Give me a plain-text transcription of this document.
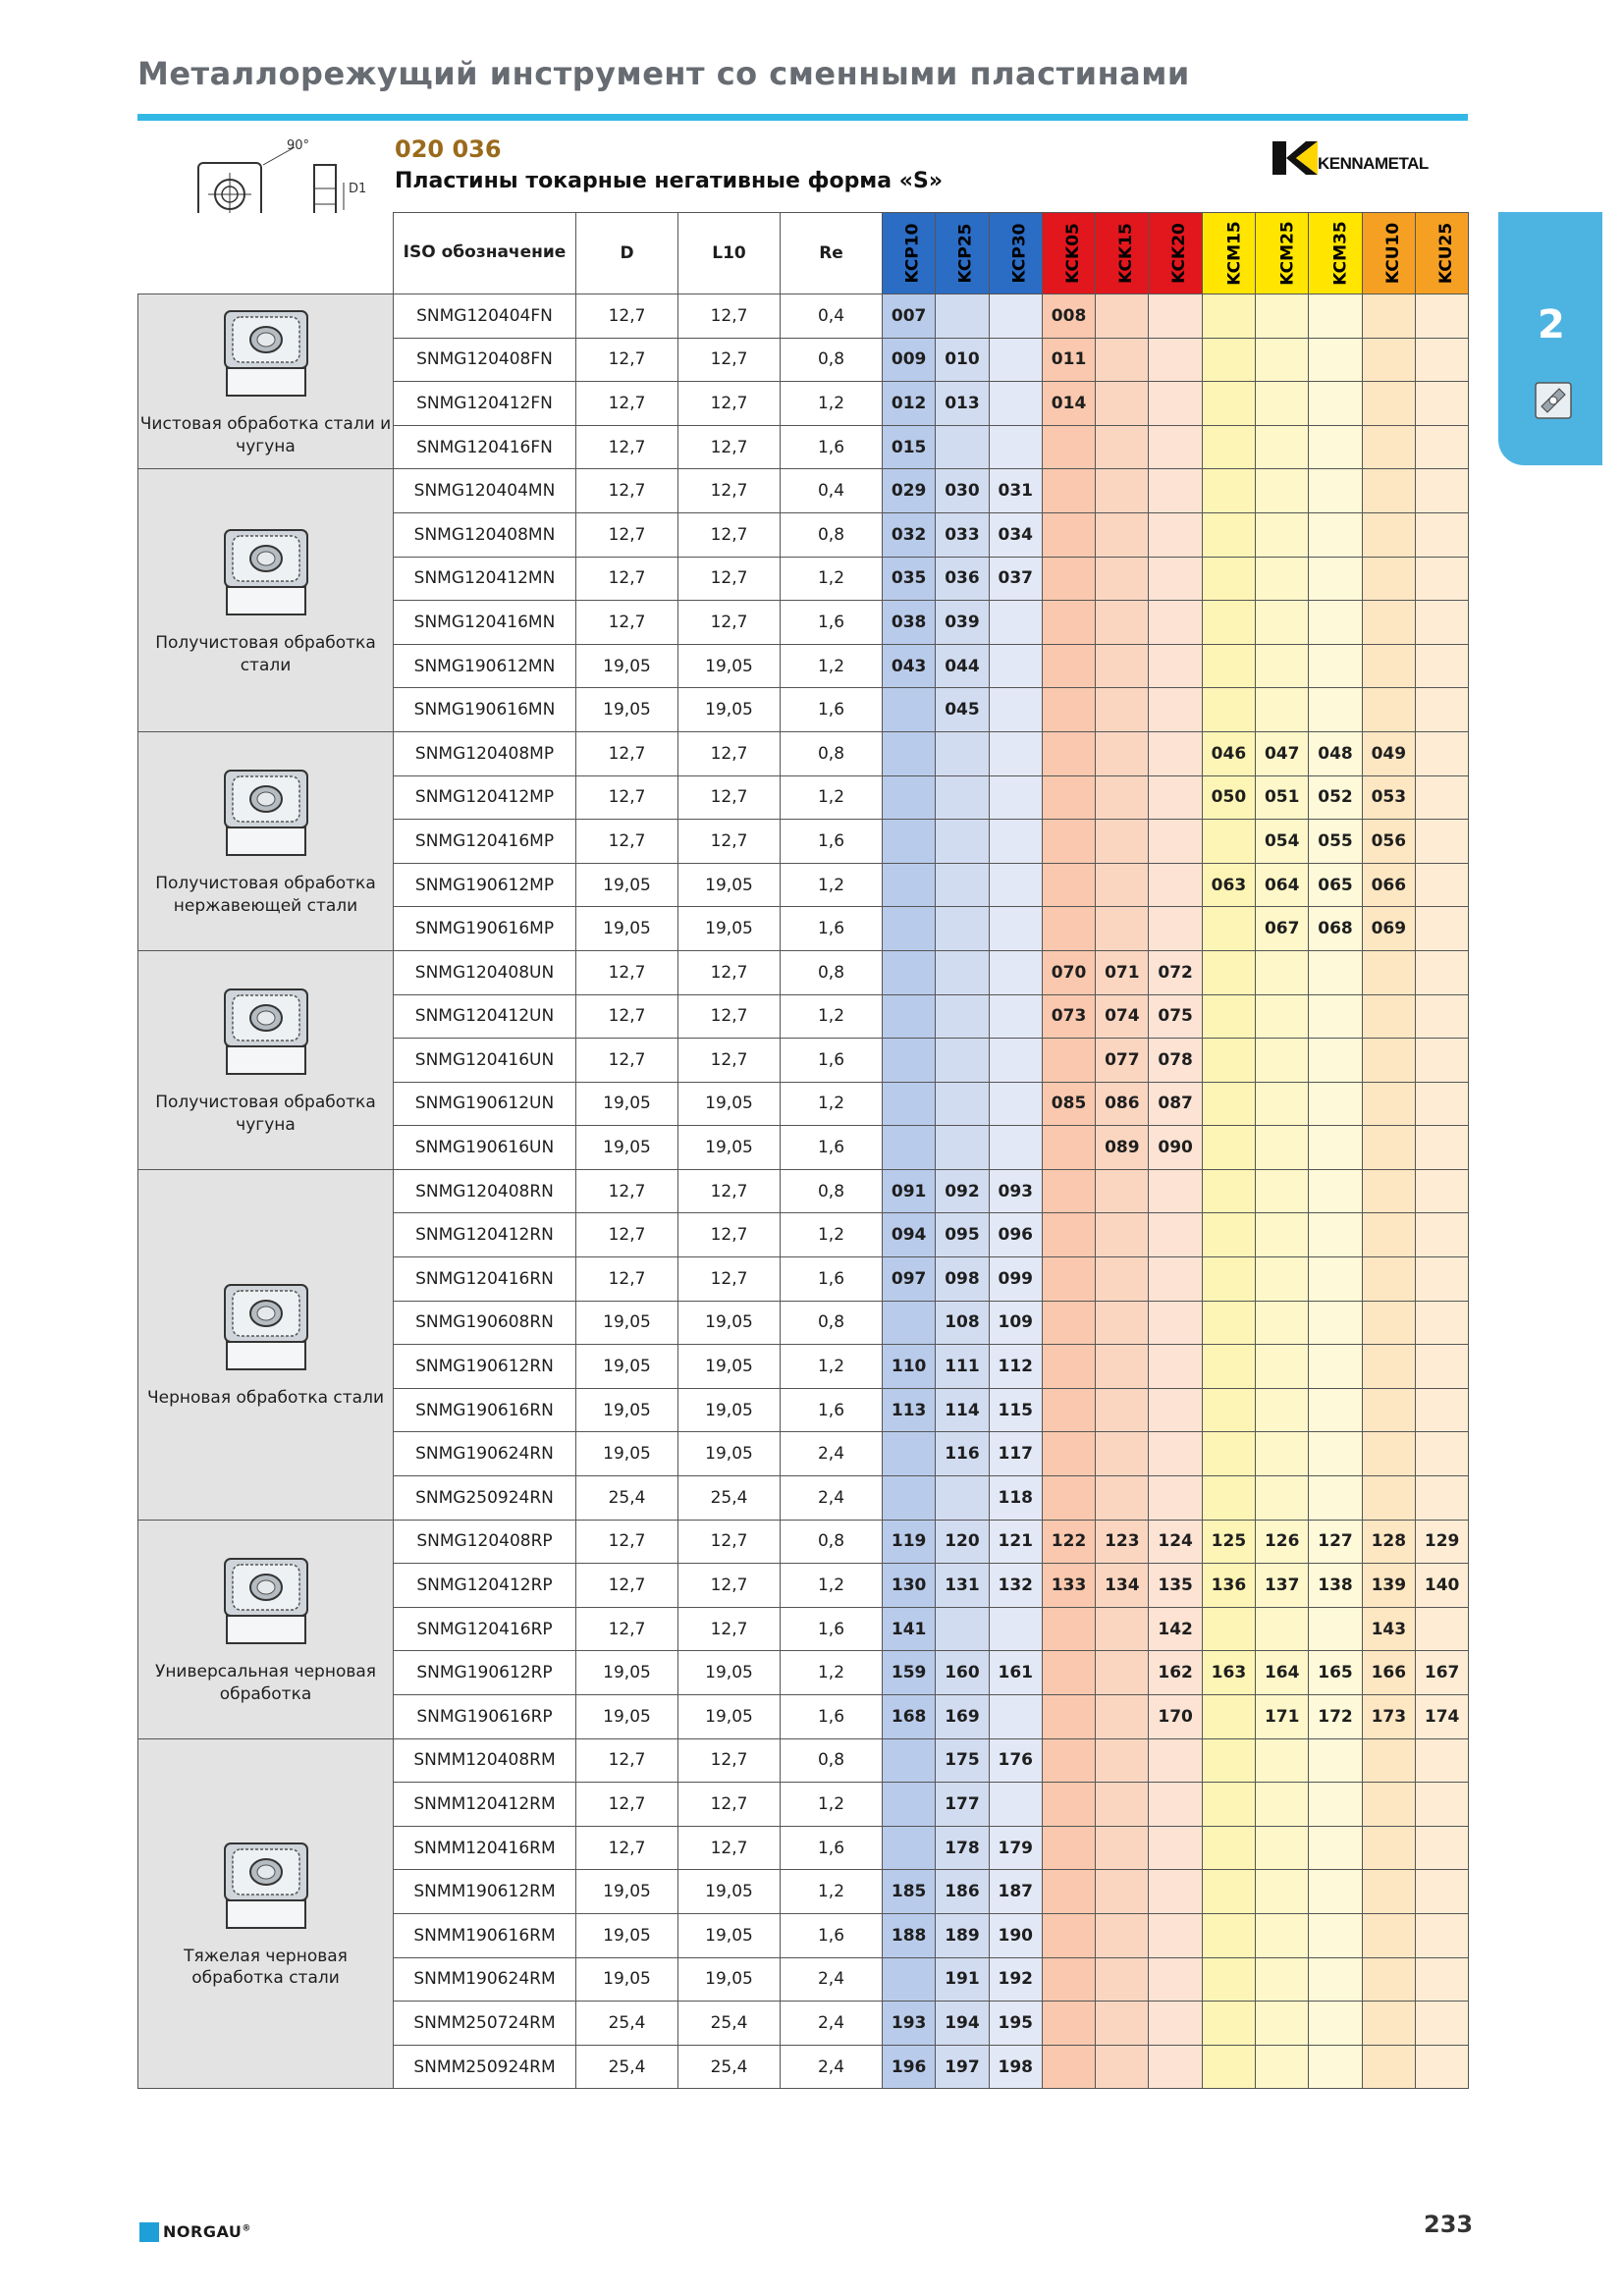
Металлорежущий инструмент со сменными пластинами
90°
D1
020 036
Пластины токарные негативные форма «S»
KENNAMETAL
2
	ISO обозначение	D	L10	Re	KCP10	KCP25	KCP30	KCK05	KCK15	KCK20	KCM15	KCM25	KCM35	KCU10	KCU25

Чистовая обработка стали и чугуна	SNMG120404FN	12,7	12,7	0,4	007			008							
	SNMG120408FN	12,7	12,7	0,8	009	010		011							
	SNMG120412FN	12,7	12,7	1,2	012	013		014							
	SNMG120416FN	12,7	12,7	1,6	015										

Получистовая обработка стали	SNMG120404MN	12,7	12,7	0,4	029	030	031								
	SNMG120408MN	12,7	12,7	0,8	032	033	034								
	SNMG120412MN	12,7	12,7	1,2	035	036	037								
	SNMG120416MN	12,7	12,7	1,6	038	039									
	SNMG190612MN	19,05	19,05	1,2	043	044									
	SNMG190616MN	19,05	19,05	1,6		045									

Получистовая обработка нержавеющей стали	SNMG120408MP	12,7	12,7	0,8							046	047	048	049	
	SNMG120412MP	12,7	12,7	1,2							050	051	052	053	
	SNMG120416MP	12,7	12,7	1,6								054	055	056	
	SNMG190612MP	19,05	19,05	1,2							063	064	065	066	
	SNMG190616MP	19,05	19,05	1,6								067	068	069	

Получистовая обработка чугуна	SNMG120408UN	12,7	12,7	0,8				070	071	072					
	SNMG120412UN	12,7	12,7	1,2				073	074	075					
	SNMG120416UN	12,7	12,7	1,6					077	078					
	SNMG190612UN	19,05	19,05	1,2				085	086	087					
	SNMG190616UN	19,05	19,05	1,6					089	090					

Черновая обработка стали	SNMG120408RN	12,7	12,7	0,8	091	092	093								
	SNMG120412RN	12,7	12,7	1,2	094	095	096								
	SNMG120416RN	12,7	12,7	1,6	097	098	099								
	SNMG190608RN	19,05	19,05	0,8		108	109								
	SNMG190612RN	19,05	19,05	1,2	110	111	112								
	SNMG190616RN	19,05	19,05	1,6	113	114	115								
	SNMG190624RN	19,05	19,05	2,4		116	117								
	SNMG250924RN	25,4	25,4	2,4			118								

Универсальная черновая обработка	SNMG120408RP	12,7	12,7	0,8	119	120	121	122	123	124	125	126	127	128	129
	SNMG120412RP	12,7	12,7	1,2	130	131	132	133	134	135	136	137	138	139	140
	SNMG120416RP	12,7	12,7	1,6	141					142				143	
	SNMG190612RP	19,05	19,05	1,2	159	160	161			162	163	164	165	166	167
	SNMG190616RP	19,05	19,05	1,6	168	169				170		171	172	173	174

Тяжелая черновая обработка стали	SNMM120408RM	12,7	12,7	0,8		175	176								
	SNMM120412RM	12,7	12,7	1,2		177									
	SNMM120416RM	12,7	12,7	1,6		178	179								
	SNMM190612RM	19,05	19,05	1,2	185	186	187								
	SNMM190616RM	19,05	19,05	1,6	188	189	190								
	SNMM190624RM	19,05	19,05	2,4		191	192								
	SNMM250724RM	25,4	25,4	2,4	193	194	195								
	SNMM250924RM	25,4	25,4	2,4	196	197	198								
NORGAU®	233
